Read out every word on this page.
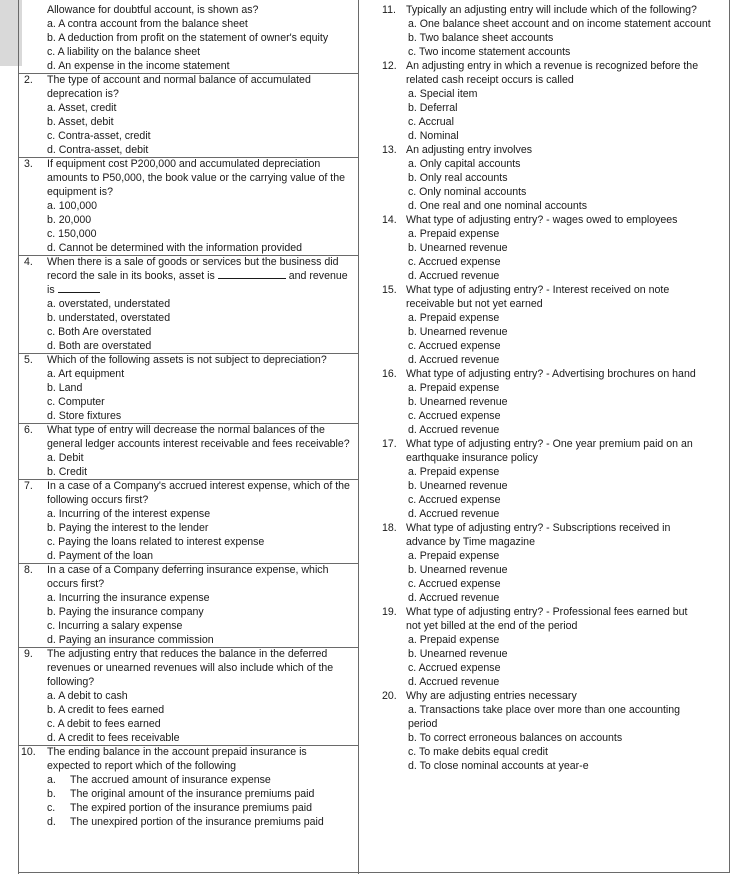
Allowance for doubtful account, is shown as?
a. A contra account from the balance sheet
b. A deduction from profit on the statement of owner's equity
c. A liability on the balance sheet
d. An expense in the income statement
2. The type of account and normal balance of accumulated
deprecation is?
a. Asset, credit
b. Asset, debit
c. Contra-asset, credit
d. Contra-asset, debit
3. If equipment cost P200,000 and accumulated depreciation
amounts to P50,000, the book value or the carrying value of the
equipment is?
a. 100,000
b. 20,000
c. 150,000
d. Cannot be determined with the information provided
4. When there is a sale of goods or services but the business did
record the sale in its books, asset is	and revenue
is
a. overstated, understated
b. understated, overstated
c. Both Are overstated
d. Both are overstated
5. Which of the following assets is not subject to depreciation?
a. Art equipment
b. Land
c. Computer
d. Store fixtures
6. What type of entry will decrease the normal balances of the
general ledger accounts interest receivable and fees receivable?
a. Debit
b. Credit
7. In a case of a Company's accrued interest expense, which of the
following occurs first?
a. Incurring of the interest expense
b. Paying the interest to the lender
c. Paying the loans related to interest expense
d. Payment of the loan
8. In a case of a Company deferring insurance expense, which
occurs first?
a. Incurring the insurance expense
b. Paying the insurance company
c. Incurring a salary expense
d. Paying an insurance commission
9. The adjusting entry that reduces the balance in the deferred
revenues or unearned revenues will also include which of the
following?
a. A debit to cash
b. A credit to fees earned
c. A debit to fees earned
d. A credit to fees receivable
10. The ending balance in the account prepaid insurance is
expected to report which of the following
a.
b.
c.
d.
The accrued amount of insurance expense
The original amount of the insurance premiums paid
The expired portion of the insurance premiums paid
The unexpired portion of the insurance premiums paid
11. Typically an adjusting entry will include which of the following?
a. One balance sheet account and on income statement account
b. Two balance sheet accounts
c. Two income statement accounts
12. An adjusting entry in which a revenue is recognized before the
related cash receipt occurs is called
a. Special item
b. Deferral
c. Accrual
d. Nominal
13. An adjusting entry involves
a. Only capital accounts
b. Only real accounts
c. Only nominal accounts
d. One real and one nominal accounts
14. What type of adjusting entry? - wages owed to employees
a. Prepaid expense
b. Unearned revenue
c. Accrued expense
d. Accrued revenue
15. What type of adjusting entry? - Interest received on note
receivable but not yet earned
a. Prepaid expense
b. Unearned revenue
c. Accrued expense
d. Accrued revenue
16. What type of adjusting entry? - Advertising brochures on hand
a. Prepaid expense
b. Unearned revenue
c. Accrued expense
d. Accrued revenue
17. What type of adjusting entry? - One year premium paid on an
earthquake insurance policy
a. Prepaid expense
b. Unearned revenue
c. Accrued expense
d. Accrued revenue
18. What type of adjusting entry? - Subscriptions received in
advance by Time magazine
a. Prepaid expense
b. Unearned revenue
c. Accrued expense
d. Accrued revenue
19. What type of adjusting entry? - Professional fees earned but
not yet billed at the end of the period
a. Prepaid expense
b. Unearned revenue
c. Accrued expense
d. Accrued revenue
20. Why are adjusting entries necessary
a. Transactions take place over more than one accounting
period
b. To correct erroneous balances on accounts
c. To make debits equal credit
d. To close nominal accounts at year-e
